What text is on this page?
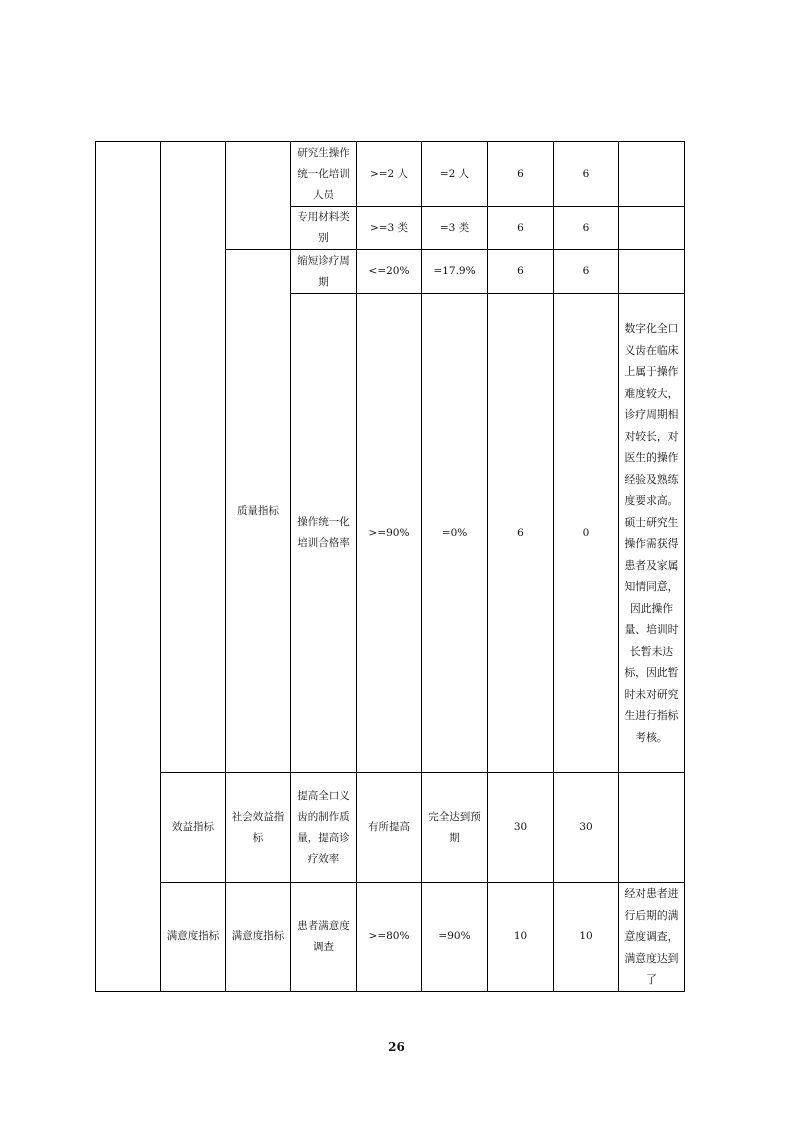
			研究生操作统一化培训人员	>=2 人	=2 人	6	6	
			专用材料类别	>=3 类	=3 类	6	6	
		质量指标	缩短诊疗周期	<=20%	=17.9%	6	6	
			操作统一化培训合格率	>=90%	=0%	6	0	数字化全口义齿在临床上属于操作难度较大，诊疗周期相对较长，对医生的操作经验及熟练度要求高。硕士研究生操作需获得患者及家属知情同意，因此操作量、培训时长暂未达标，因此暂时未对研究生进行指标考核。
	效益指标	社会效益指标	提高全口义齿的制作质量，提高诊疗效率	有所提高	完全达到预期	30	30	
	满意度指标	满意度指标	患者满意度调查	>=80%	=90%	10	10	经对患者进行后期的满意度调查，满意度达到了
26
